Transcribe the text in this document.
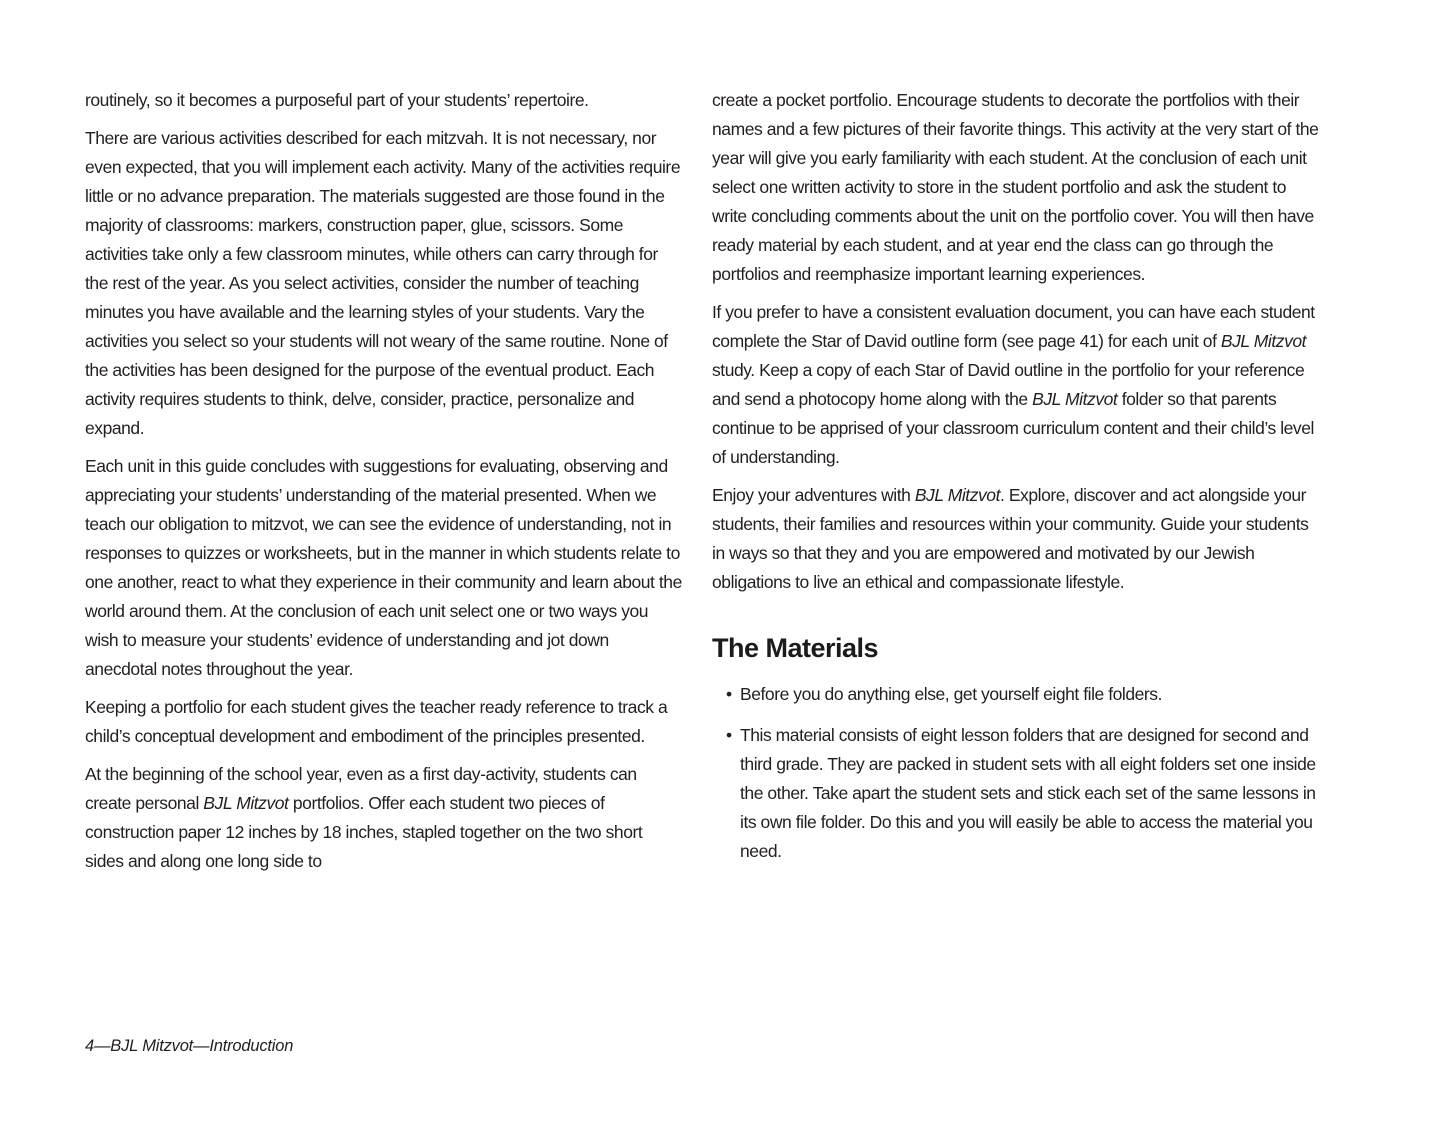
routinely, so it becomes a purposeful part of your students’ repertoire.

There are various activities described for each mitzvah. It is not necessary, nor even expected, that you will implement each activity. Many of the activities require little or no advance preparation. The materials suggested are those found in the majority of classrooms: markers, construction paper, glue, scissors. Some activities take only a few classroom minutes, while others can carry through for the rest of the year. As you select activities, consider the number of teaching minutes you have available and the learning styles of your students. Vary the activities you select so your students will not weary of the same routine. None of the activities has been designed for the purpose of the eventual product. Each activity requires students to think, delve, consider, practice, personalize and expand.

Each unit in this guide concludes with suggestions for evaluating, observing and appreciating your students’ understanding of the material presented. When we teach our obligation to mitzvot, we can see the evidence of understanding, not in responses to quizzes or worksheets, but in the manner in which students relate to one another, react to what they experience in their community and learn about the world around them. At the conclusion of each unit select one or two ways you wish to measure your students’ evidence of understanding and jot down anecdotal notes throughout the year.

Keeping a portfolio for each student gives the teacher ready reference to track a child’s conceptual development and embodiment of the principles presented.

At the beginning of the school year, even as a first day-activity, students can create personal BJL Mitzvot portfolios. Offer each student two pieces of construction paper 12 inches by 18 inches, stapled together on the two short sides and along one long side to

create a pocket portfolio. Encourage students to decorate the portfolios with their names and a few pictures of their favorite things. This activity at the very start of the year will give you early familiarity with each student. At the conclusion of each unit select one written activity to store in the student portfolio and ask the student to write concluding comments about the unit on the portfolio cover. You will then have ready material by each student, and at year end the class can go through the portfolios and reemphasize important learning experiences.

If you prefer to have a consistent evaluation document, you can have each student complete the Star of David outline form (see page 41) for each unit of BJL Mitzvot study. Keep a copy of each Star of David outline in the portfolio for your reference and send a photocopy home along with the BJL Mitzvot folder so that parents continue to be apprised of your classroom curriculum content and their child’s level of understanding.

Enjoy your adventures with BJL Mitzvot. Explore, discover and act alongside your students, their families and resources within your community. Guide your students in ways so that they and you are empowered and motivated by our Jewish obligations to live an ethical and compassionate lifestyle.

The Materials
• Before you do anything else, get yourself eight file folders.
• This material consists of eight lesson folders that are designed for second and third grade. They are packed in student sets with all eight folders set one inside the other. Take apart the student sets and stick each set of the same lessons in its own file folder. Do this and you will easily be able to access the material you need.
4—BJL Mitzvot—Introduction
